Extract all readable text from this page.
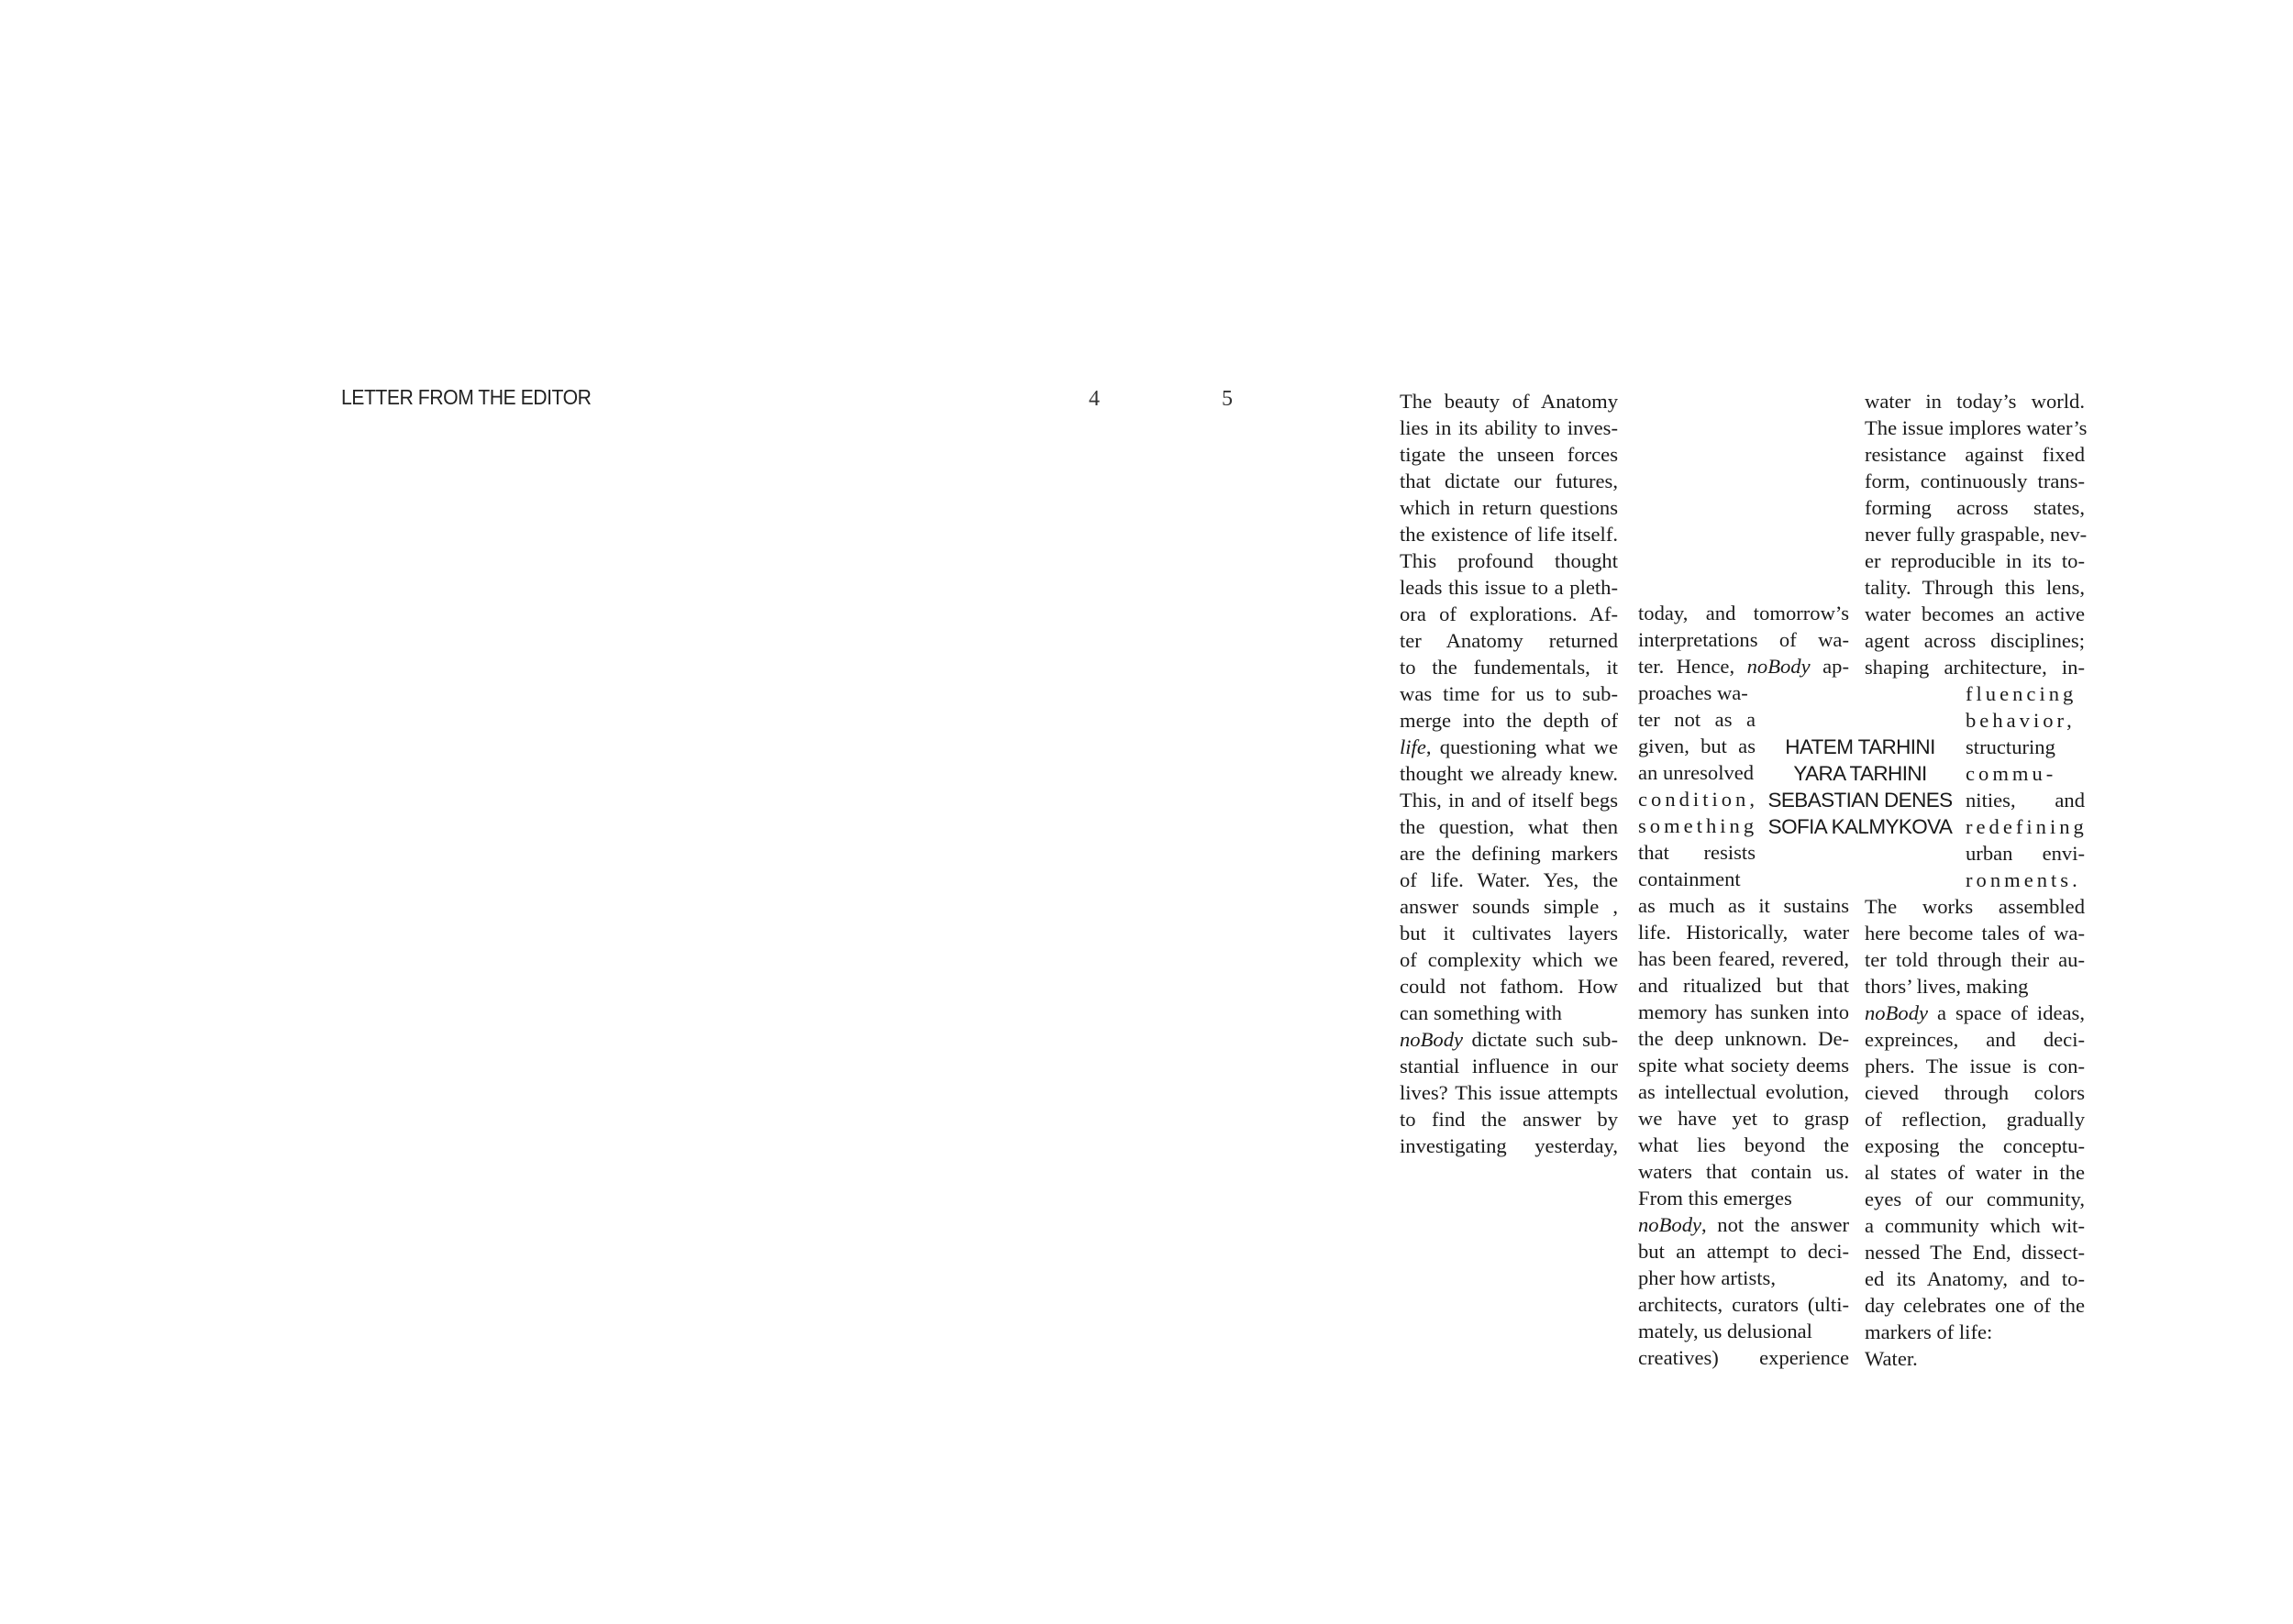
LETTER FROM THE EDITOR	4	5	The beauty of Anatomy
lies in its ability to inves-
tigate the unseen forces
that dictate our futures,
which in return questions
the existence of life itself.
This profound thought
leads this issue to a pleth-
ora of explorations. Af-
ter Anatomy returned
to the fundementals, it
was time for us to sub-
merge into the depth of
life, questioning what we
thought we already knew.
This, in and of itself begs
the question, what then
are the defining markers
of life. Water. Yes, the
answer sounds simple ,
but it cultivates layers
of complexity which we
could not fathom. How
can something with
noBody dictate such sub-
stantial influence in our
lives? This issue attempts
to find the answer by
investigating yesterday,
today, and tomorrow’s
interpretations of wa-
ter. Hence, noBody ap-
proaches wa-
ter not as a
given, but as
an unresolved
condition,
something
that resists
containment
as much as it sustains
life. Historically, water
has been feared, revered,
and ritualized but that
memory has sunken into
the deep unknown. De-
spite what society deems
as intellectual evolution,
we have yet to grasp
what lies beyond the
waters that contain us.
From this emerges
noBody, not the answer
but an attempt to deci-
pher how artists,
architects, curators (ulti-
mately, us delusional
creatives) experience
HATEM TARHINI
YARA TARHINI
SEBASTIAN DENES
SOFIA KALMYKOVA
water in today’s world.
The issue implores water’s
resistance against fixed
form, continuously trans-
forming across states,
never fully graspable, nev-
er reproducible in its to-
tality. Through this lens,
water becomes an active
agent across disciplines;
shaping architecture, in-
fluencing
behavior,
structuring
commu-
nities, and
redefining
urban envi-
ronments.
The works assembled
here become tales of wa-
ter told through their au-
thors’ lives, making
noBody a space of ideas,
expreinces, and deci-
phers. The issue is con-
cieved through colors
of reflection, gradually
exposing the conceptu-
al states of water in the
eyes of our community,
a community which wit-
nessed The End, dissect-
ed its Anatomy, and to-
day celebrates one of the
markers of life:
Water.
